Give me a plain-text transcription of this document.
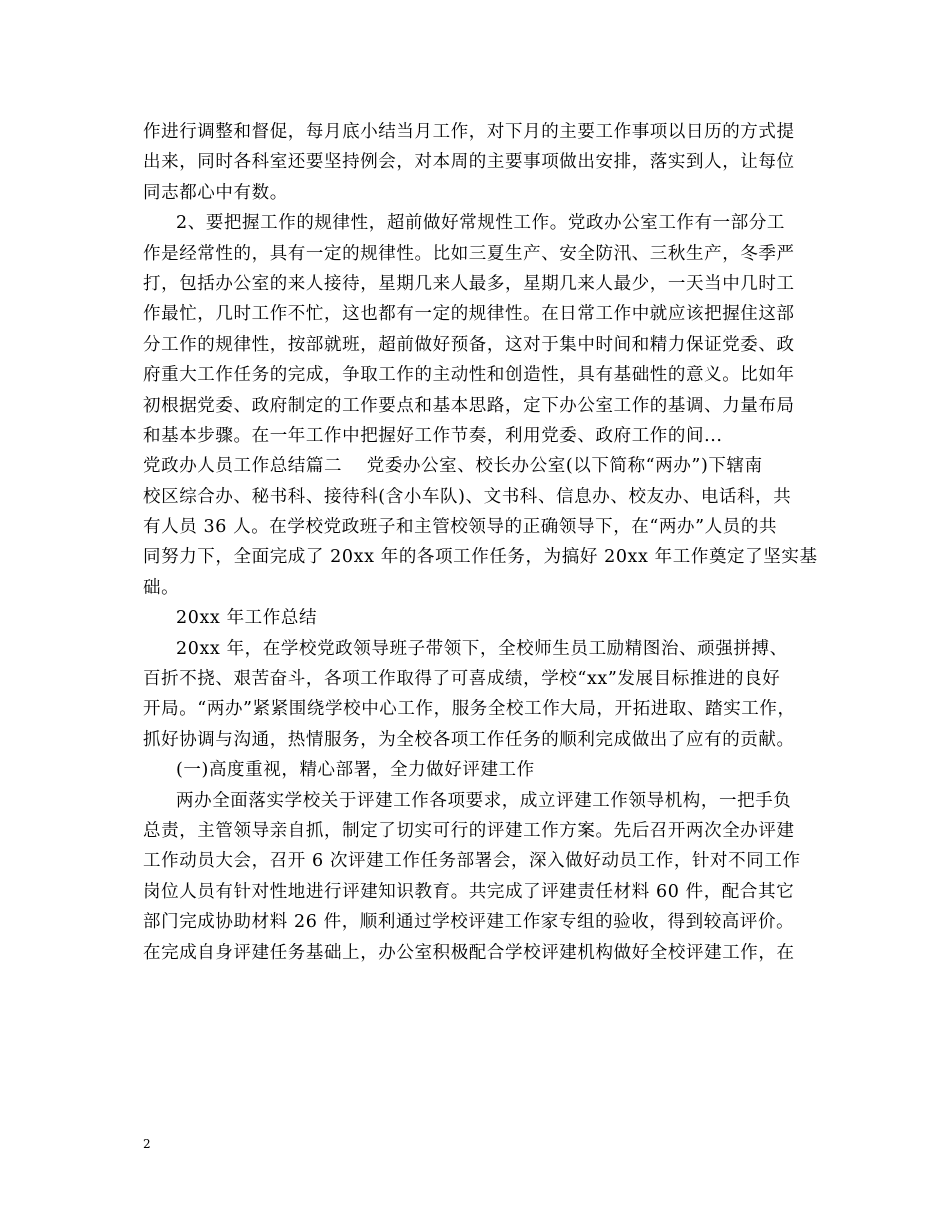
作进行调整和督促，每月底小结当月工作，对下月的主要工作事项以日历的方式提
出来，同时各科室还要坚持例会，对本周的主要事项做出安排，落实到人，让每位
同志都心中有数。
2、要把握工作的规律性，超前做好常规性工作。党政办公室工作有一部分工
作是经常性的，具有一定的规律性。比如三夏生产、安全防汛、三秋生产，冬季严
打，包括办公室的来人接待，星期几来人最多，星期几来人最少，一天当中几时工
作最忙，几时工作不忙，这也都有一定的规律性。在日常工作中就应该把握住这部
分工作的规律性，按部就班，超前做好预备，这对于集中时间和精力保证党委、政
府重大工作任务的完成，争取工作的主动性和创造性，具有基础性的意义。比如年
初根据党委、政府制定的工作要点和基本思路，定下办公室工作的基调、力量布局
和基本步骤。在一年工作中把握好工作节奏，利用党委、政府工作的间...
党政办人员工作总结篇二    党委办公室、校长办公室(以下简称“两办”)下辖南
校区综合办、秘书科、接待科(含小车队)、文书科、信息办、校友办、电话科，共
有人员 36 人。在学校党政班子和主管校领导的正确领导下，在“两办”人员的共
同努力下，全面完成了 20xx 年的各项工作任务，为搞好 20xx 年工作奠定了坚实基
础。
20xx 年工作总结
20xx 年，在学校党政领导班子带领下，全校师生员工励精图治、顽强拼搏、
百折不挠、艰苦奋斗，各项工作取得了可喜成绩，学校“xx”发展目标推进的良好
开局。“两办”紧紧围绕学校中心工作，服务全校工作大局，开拓进取、踏实工作，
抓好协调与沟通，热情服务，为全校各项工作任务的顺利完成做出了应有的贡献。
(一)高度重视，精心部署，全力做好评建工作
两办全面落实学校关于评建工作各项要求，成立评建工作领导机构，一把手负
总责，主管领导亲自抓，制定了切实可行的评建工作方案。先后召开两次全办评建
工作动员大会，召开 6 次评建工作任务部署会，深入做好动员工作，针对不同工作
岗位人员有针对性地进行评建知识教育。共完成了评建责任材料 60 件，配合其它
部门完成协助材料 26 件，顺利通过学校评建工作家专组的验收，得到较高评价。
在完成自身评建任务基础上，办公室积极配合学校评建机构做好全校评建工作，在
2
